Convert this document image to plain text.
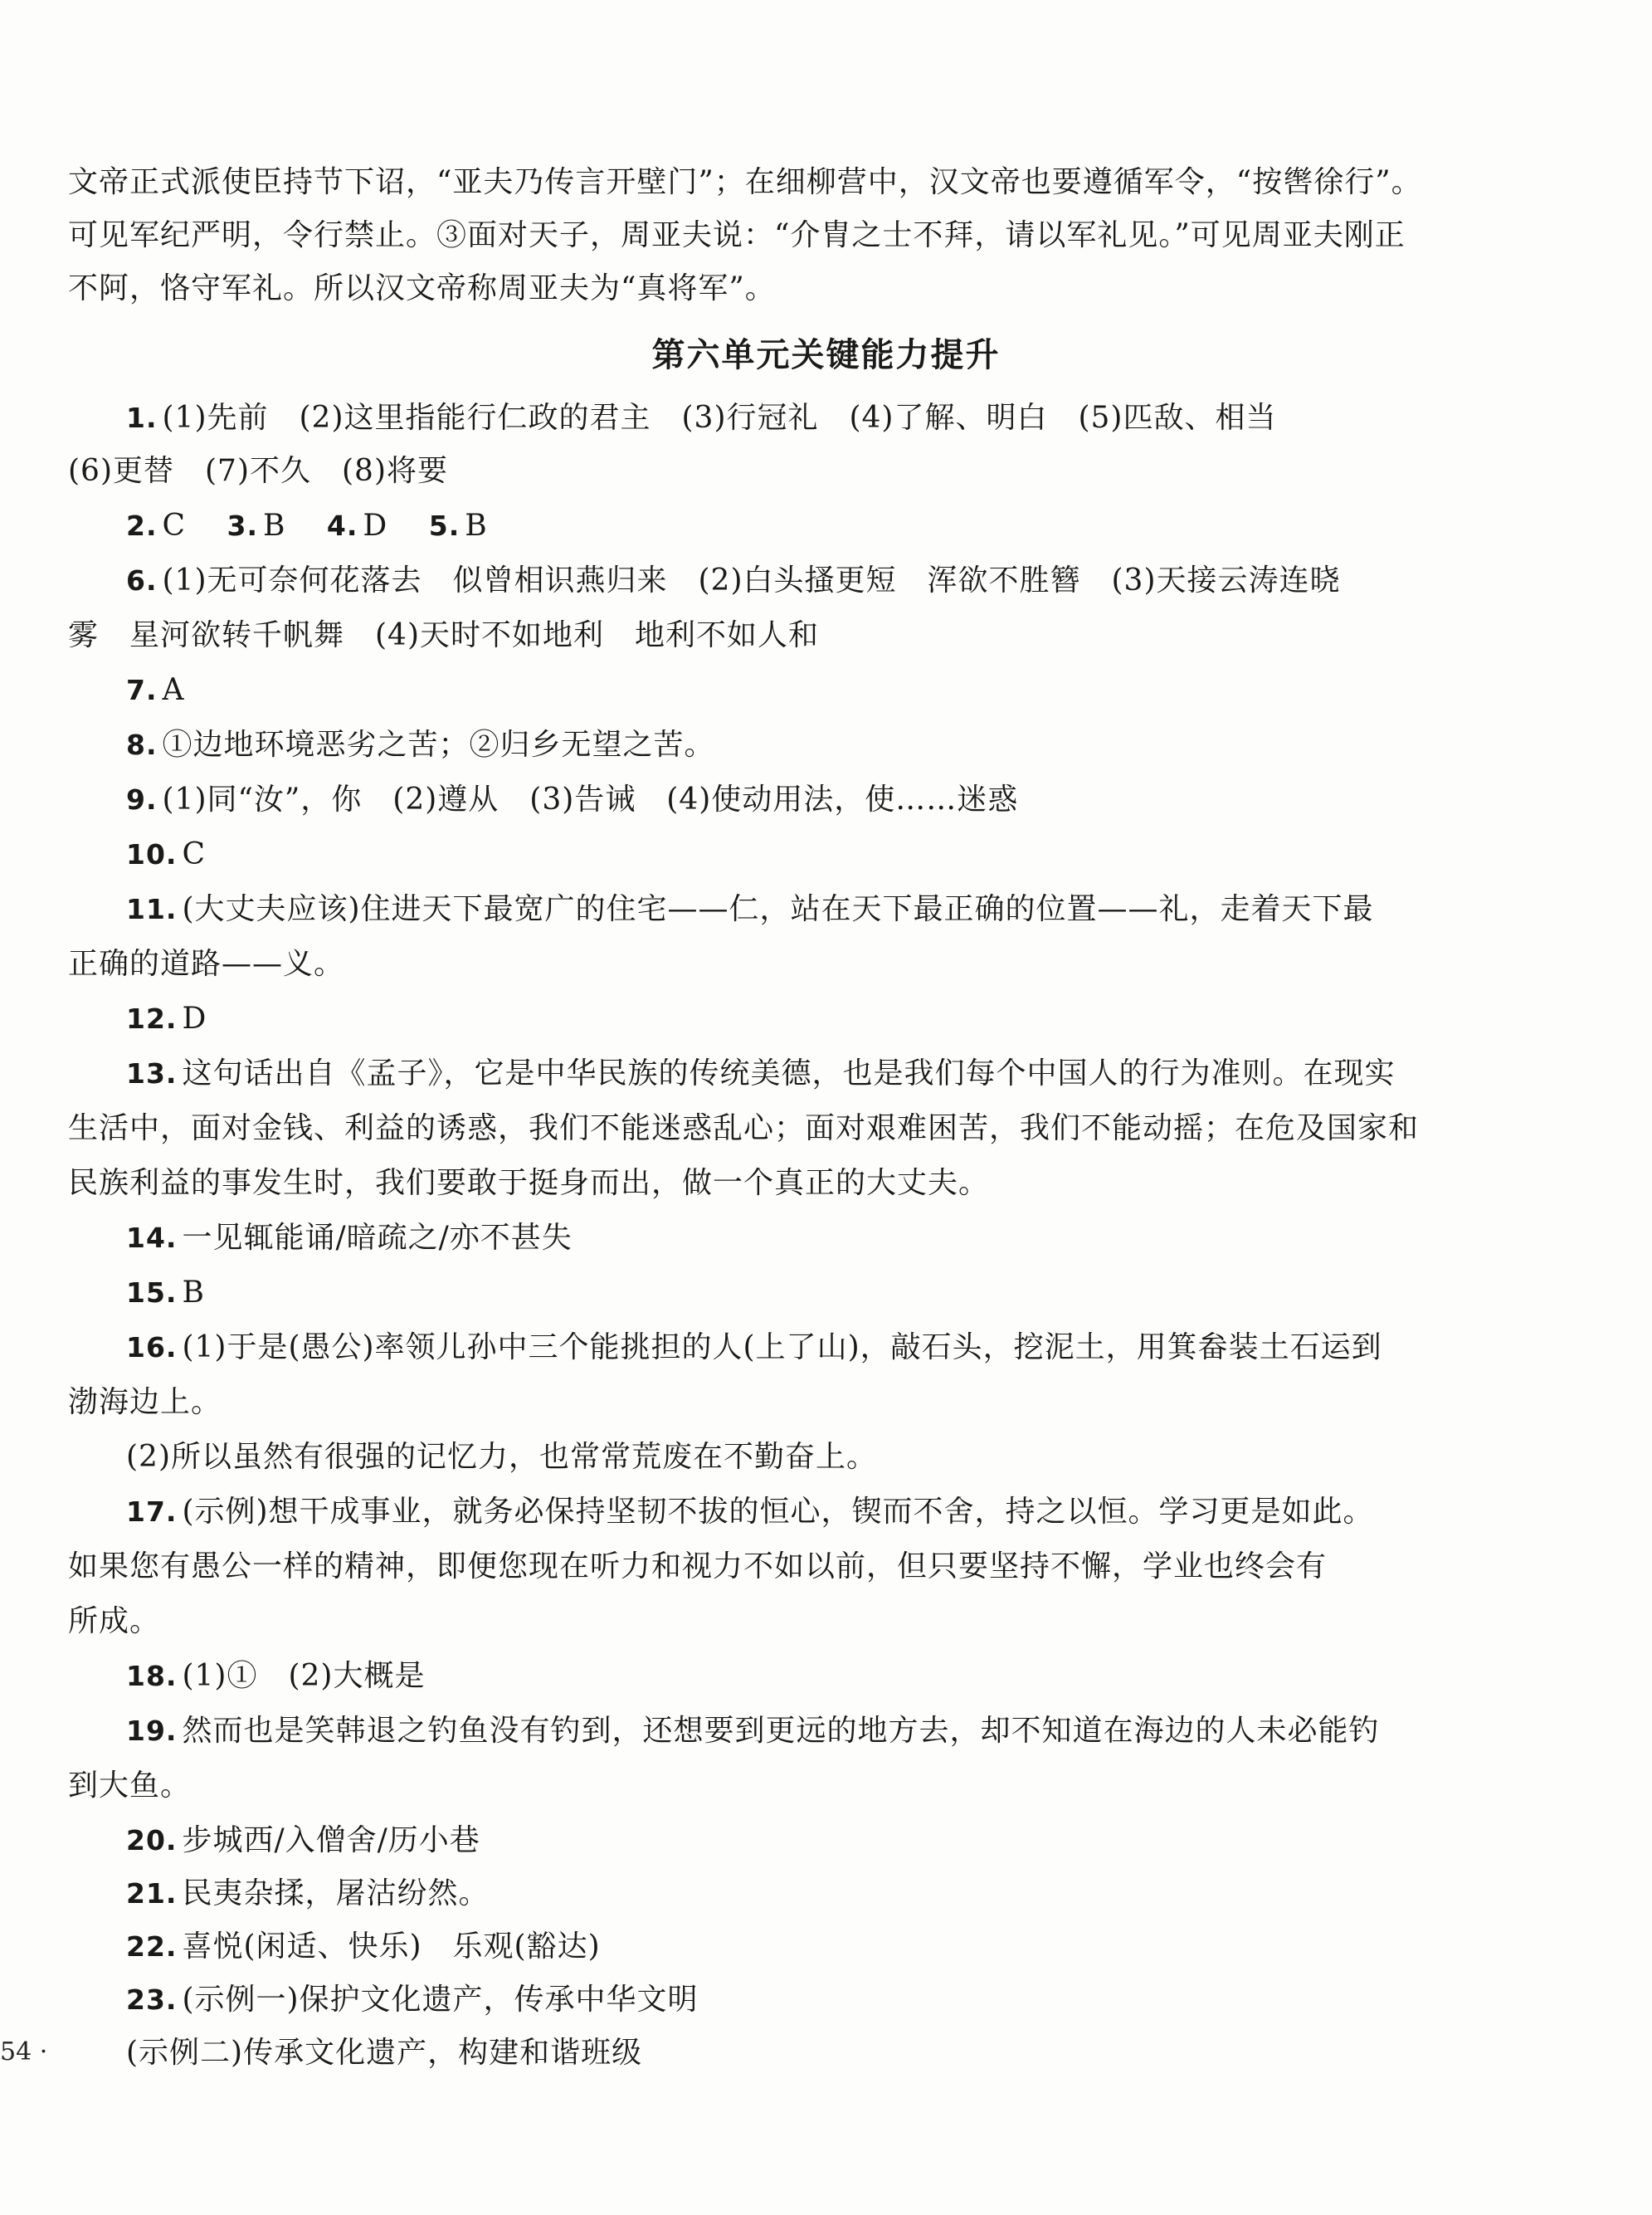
文帝正式派使臣持节下诏，“亚夫乃传言开壁门”；在细柳营中，汉文帝也要遵循军令，“按辔徐行”。
可见军纪严明，令行禁止。③面对天子，周亚夫说：“介胄之士不拜，请以军礼见。”可见周亚夫刚正
不阿，恪守军礼。所以汉文帝称周亚夫为“真将军”。
第六单元关键能力提升
1. (1)先前　(2)这里指能行仁政的君主　(3)行冠礼　(4)了解、明白　(5)匹敌、相当
(6)更替　(7)不久　(8)将要
2. C　 3. B　 4. D　 5. B
6. (1)无可奈何花落去　似曾相识燕归来　(2)白头搔更短　浑欲不胜簪　(3)天接云涛连晓
雾　星河欲转千帆舞　(4)天时不如地利　地利不如人和
7. A
8. ①边地环境恶劣之苦；②归乡无望之苦。
9. (1)同“汝”，你　(2)遵从　(3)告诫　(4)使动用法，使……迷惑
10. C
11. (大丈夫应该)住进天下最宽广的住宅——仁，站在天下最正确的位置——礼，走着天下最
正确的道路——义。
12. D
13. 这句话出自《孟子》，它是中华民族的传统美德，也是我们每个中国人的行为准则。在现实
生活中，面对金钱、利益的诱惑，我们不能迷惑乱心；面对艰难困苦，我们不能动摇；在危及国家和
民族利益的事发生时，我们要敢于挺身而出，做一个真正的大丈夫。
14. 一见辄能诵/暗疏之/亦不甚失
15. B
16. (1)于是(愚公)率领儿孙中三个能挑担的人(上了山)，敲石头，挖泥土，用箕畚装土石运到
渤海边上。
(2)所以虽然有很强的记忆力，也常常荒废在不勤奋上。
17. (示例)想干成事业，就务必保持坚韧不拔的恒心，锲而不舍，持之以恒。学习更是如此。
如果您有愚公一样的精神，即便您现在听力和视力不如以前，但只要坚持不懈，学业也终会有
所成。
18. (1)①　(2)大概是
19. 然而也是笑韩退之钓鱼没有钓到，还想要到更远的地方去，却不知道在海边的人未必能钓
到大鱼。
20. 步城西/入僧舍/历小巷
21. 民夷杂揉，屠沽纷然。
22. 喜悦(闲适、快乐)　乐观(豁达)
23. (示例一)保护文化遗产，传承中华文明
(示例二)传承文化遗产，构建和谐班级
54 ·
